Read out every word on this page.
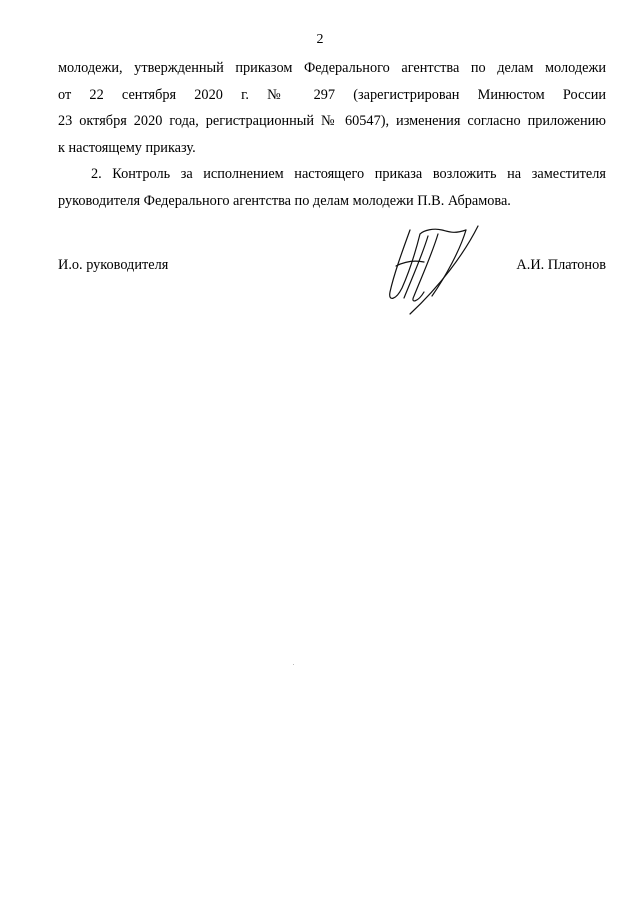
2

молодежи, утвержденный приказом Федерального агентства по делам молодежи
от 22 сентября 2020 г. № 297 (зарегистрирован Минюстом России
23 октября 2020 года, регистрационный № 60547), изменения согласно приложению
к настоящему приказу.

2. Контроль за исполнением настоящего приказа возложить на заместителя
руководителя Федерального агентства по делам молодежи П.В. Абрамова.

И.о. руководителя	А.И. Платонов
